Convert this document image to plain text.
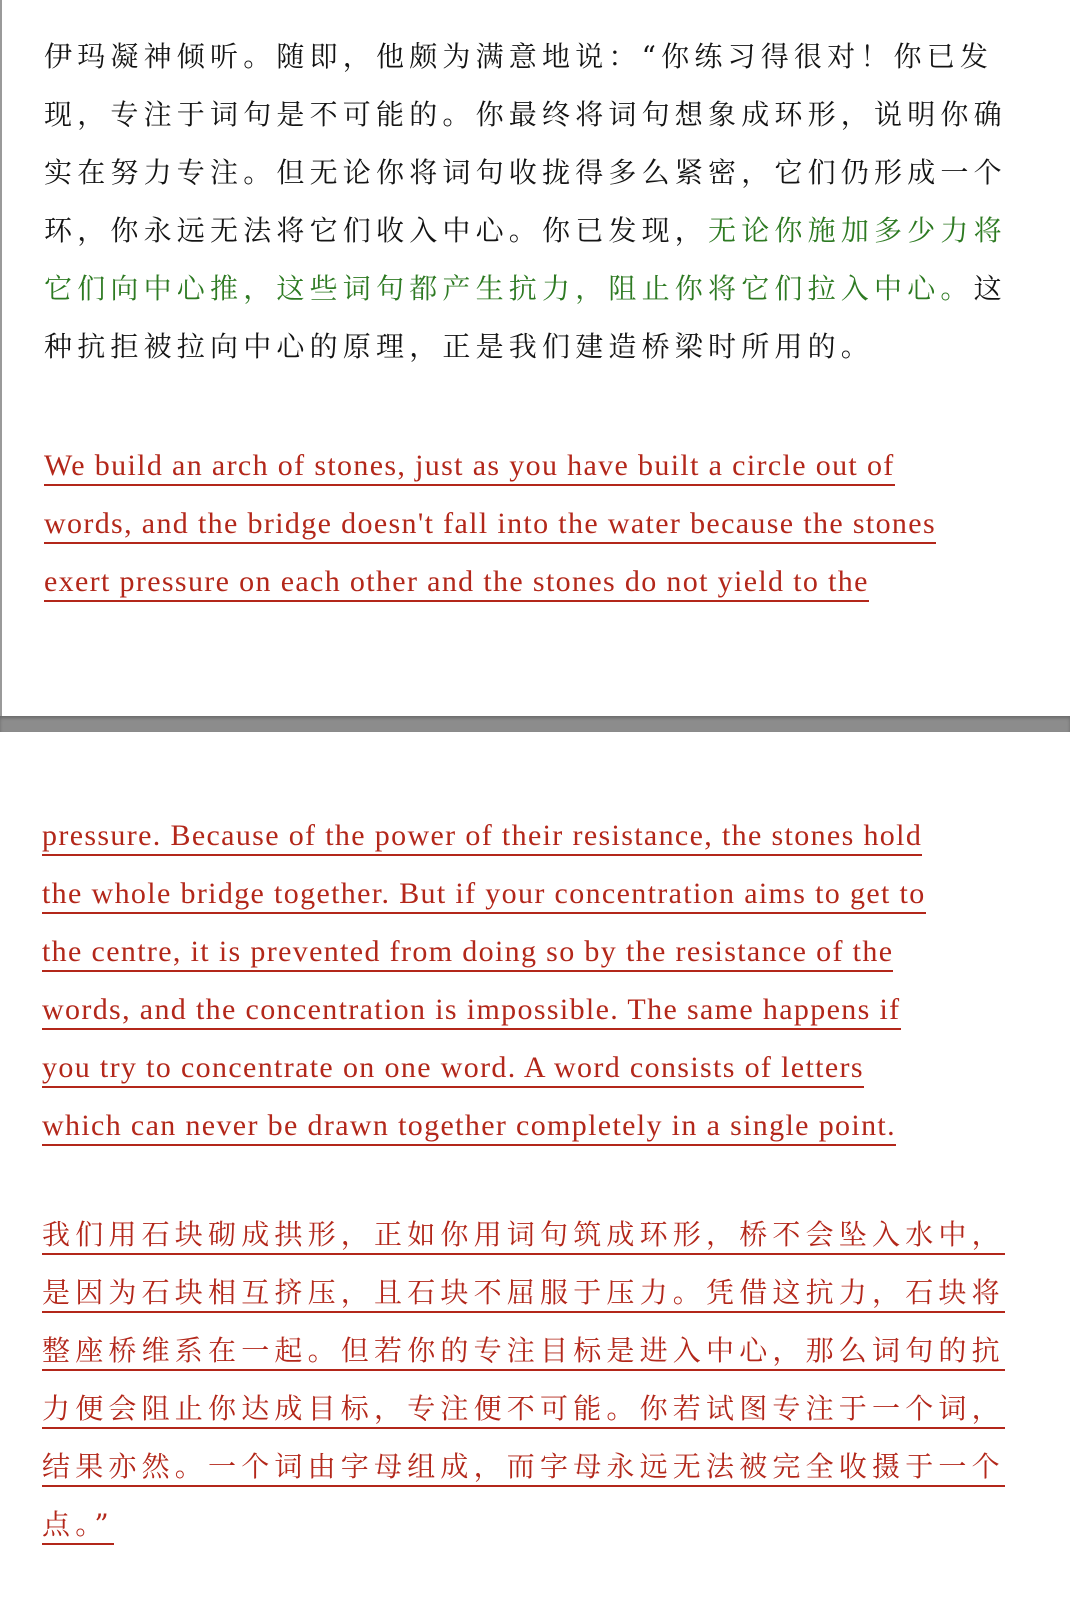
伊玛凝神倾听。随即，他颇为满意地说：“你练习得很对！你已发现，专注于词句是不可能的。你最终将词句想象成环形，说明你确实在努力专注。但无论你将词句收拢得多么紧密，它们仍形成一个环，你永远无法将它们收入中心。你已发现，无论你施加多少力将它们向中心推，这些词句都产生抗力，阻止你将它们拉入中心。这种抗拒被拉向中心的原理，正是我们建造桥梁时所用的。

We build an arch of stones, just as you have built a circle out of
words, and the bridge doesn't fall into the water because the stones
exert pressure on each other and the stones do not yield to the
pressure. Because of the power of their resistance, the stones hold
the whole bridge together. But if your concentration aims to get to
the centre, it is prevented from doing so by the resistance of the
words, and the concentration is impossible. The same happens if
you try to concentrate on one word. A word consists of letters
which can never be drawn together completely in a single point.
我们用石块砌成拱形，正如你用词句筑成环形，桥不会坠入水中，
是因为石块相互挤压，且石块不屈服于压力。凭借这抗力，石块将
整座桥维系在一起。但若你的专注目标是进入中心，那么词句的抗
力便会阻止你达成目标，专注便不可能。你若试图专注于一个词，
结果亦然。一个词由字母组成，而字母永远无法被完全收摄于一个
点。”
